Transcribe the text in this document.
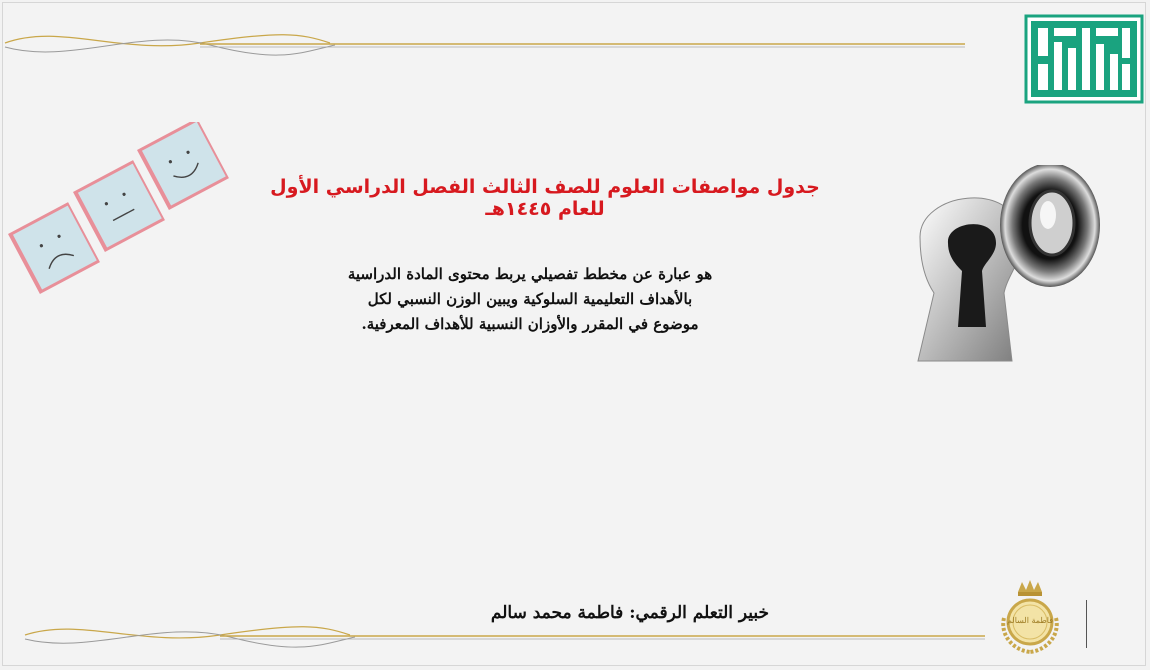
جدول مواصفات العلوم للصف الثالث الفصل الدراسي الأول للعام ١٤٤٥هـ
هو عبارة عن مخطط تفصيلي يربط محتوى المادة الدراسية
بالأهداف التعليمية السلوكية ويبين الوزن النسبي لكل
موضوع في المقرر والأوزان النسبية للأهداف المعرفية.
خبير التعلم الرقمي: فاطمة محمد سالم	فاطمة السالم
